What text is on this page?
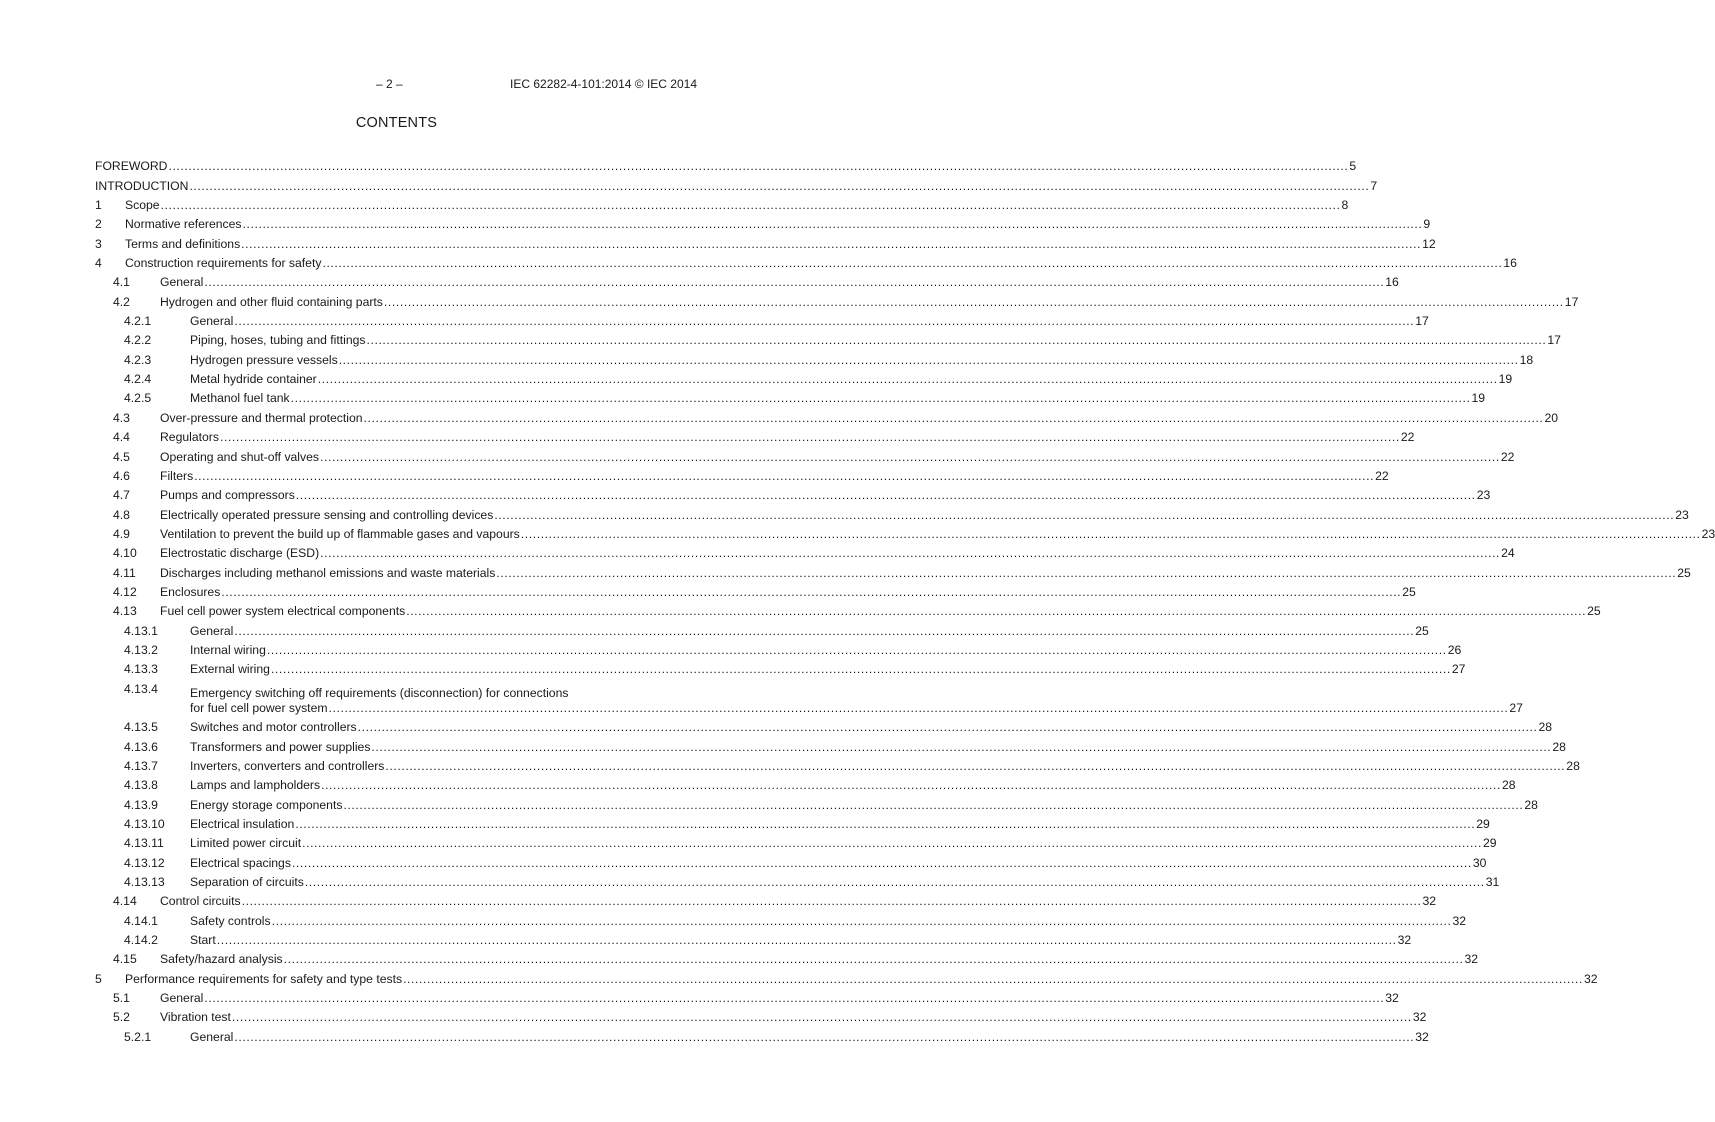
– 2 –	IEC 62282-4-101:2014 © IEC 2014
CONTENTS
FOREWORD .....	5
INTRODUCTION .....	7
1 Scope .....	8
2 Normative references .....	9
3 Terms and definitions .....	12
4 Construction requirements for safety .....	16
4.1 General .....	16
4.2 Hydrogen and other fluid containing parts .....	17
4.2.1	General .....	17
4.2.2	Piping, hoses, tubing and fittings .....	17
4.2.3	Hydrogen pressure vessels .....	18
4.2.4	Metal hydride container .....	19
4.2.5	Methanol fuel tank .....	19
4.3 Over-pressure and thermal protection .....	20
4.4 Regulators .....	22
4.5 Operating and shut-off valves .....	22
4.6 Filters .....	22
4.7 Pumps and compressors .....	23
4.8 Electrically operated pressure sensing and controlling devices .....	23
4.9 Ventilation to prevent the build up of flammable gases and vapours .....	23
4.10 Electrostatic discharge (ESD) .....	24
4.11 Discharges including methanol emissions and waste materials .....	25
4.12 Enclosures .....	25
4.13 Fuel cell power system electrical components .....	25
4.13.1	General .....	25
4.13.2	Internal wiring .....	26
4.13.3	External wiring .....	27
4.13.4	Emergency switching off requirements (disconnection) for connections
for fuel cell power system .....	27
4.13.5	Switches and motor controllers .....	28
4.13.6	Transformers and power supplies .....	28
4.13.7	Inverters, converters and controllers .....	28
4.13.8	Lamps and lampholders .....	28
4.13.9	Energy storage components .....	28
4.13.10 Electrical insulation .....	29
4.13.11 Limited power circuit .....	29
4.13.12 Electrical spacings .....	30
4.13.13 Separation of circuits .....	31
4.14 Control circuits .....	32
4.14.1	Safety controls .....	32
4.14.2	Start .....	32
4.15 Safety/hazard analysis .....	32
5 Performance requirements for safety and type tests .....	32
5.1 General .....	32
5.2 Vibration test .....	32
5.2.1	General .....	32
